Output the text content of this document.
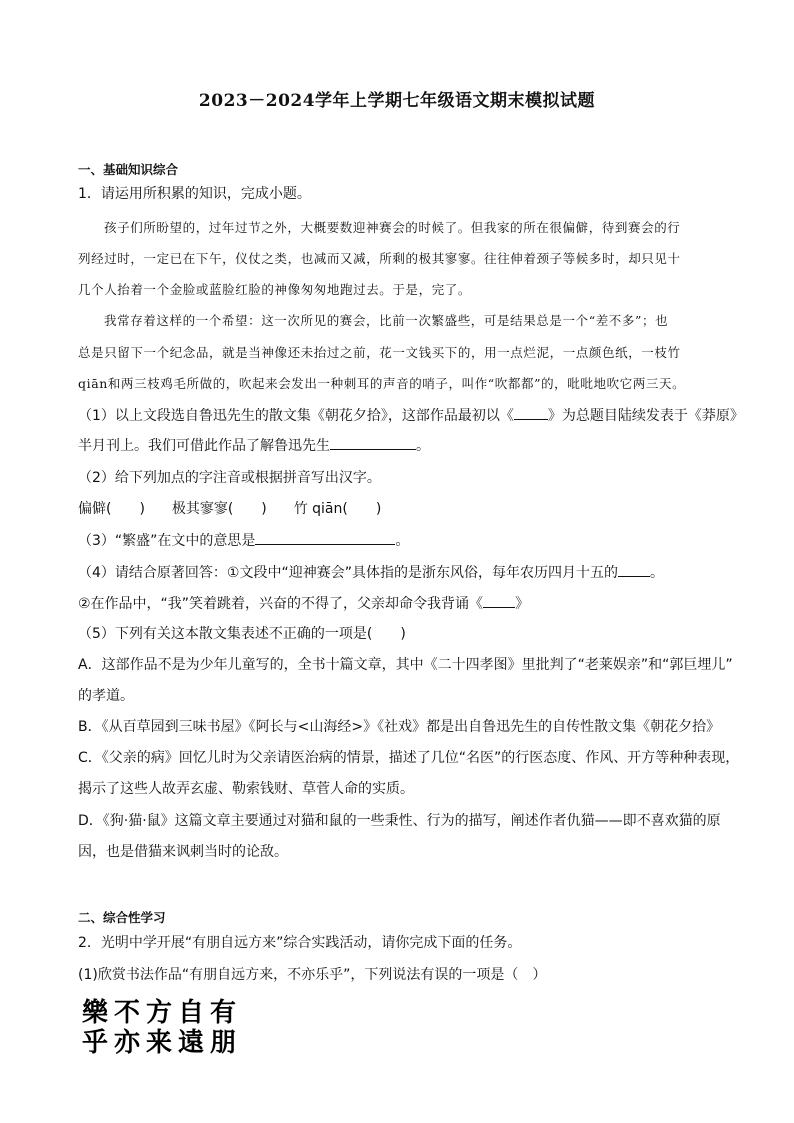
2023－2024学年上学期七年级语文期末模拟试题
一、基础知识综合
1．请运用所积累的知识，完成小题。
孩子们所盼望的，过年过节之外，大概要数迎神赛会的时候了。但我家的所在很偏僻，待到赛会的行
列经过时，一定已在下午，仪仗之类，也减而又减，所剩的极其寥寥。往往伸着颈子等候多时，却只见十
几个人抬着一个金脸或蓝脸红脸的神像匆匆地跑过去。于是，完了。
我常存着这样的一个希望：这一次所见的赛会，比前一次繁盛些，可是结果总是一个“差不多”；也
总是只留下一个纪念品，就是当神像还未抬过之前，花一文钱买下的，用一点烂泥，一点颜色纸，一枝竹
qiān和两三枝鸡毛所做的，吹起来会发出一种刺耳的声音的哨子，叫作“吹都都”的，吡吡地吹它两三天。
（1）以上文段选自鲁迅先生的散文集《朝花夕拾》，这部作品最初以《 》为总题目陆续发表于《莽原》
半月刊上。我们可借此作品了解鲁迅先生	。
（2）给下列加点的字注音或根据拼音写出汉字。
偏僻(　　) 极其寥寥(　　) 竹 qiān(　　)
（3）“繁盛”在文中的意思是	。
（4）请结合原著回答：①文段中“迎神赛会”具体指的是浙东风俗，每年农历四月十五的 。
②在作品中，“我”笑着跳着，兴奋的不得了，父亲却命令我背诵《 》
（5）下列有关这本散文集表述不正确的一项是(　　)
A．这部作品不是为少年儿童写的，全书十篇文章，其中《二十四孝图》里批判了“老莱娱亲”和“郭巨埋儿”
的孝道。
B．《从百草园到三味书屋》《阿长与<山海经>》《社戏》都是出自鲁迅先生的自传性散文集《朝花夕拾》
C．《父亲的病》回忆儿时为父亲请医治病的情景，描述了几位“名医”的行医态度、作风、开方等种种表现，
揭示了这些人故弄玄虚、勒索钱财、草菅人命的实质。
D．《狗·猫·鼠》这篇文章主要通过对猫和鼠的一些秉性、行为的描写，阐述作者仇猫——即不喜欢猫的原
因，也是借猫来讽刺当时的论敌。
二、综合性学习
2．光明中学开展“有朋自远方来”综合实践活动，请你完成下面的任务。
(1)欣赏书法作品“有朋自远方来，不亦乐乎”，下列说法有误的一项是（　）
樂不方自有
乎亦来遠朋
